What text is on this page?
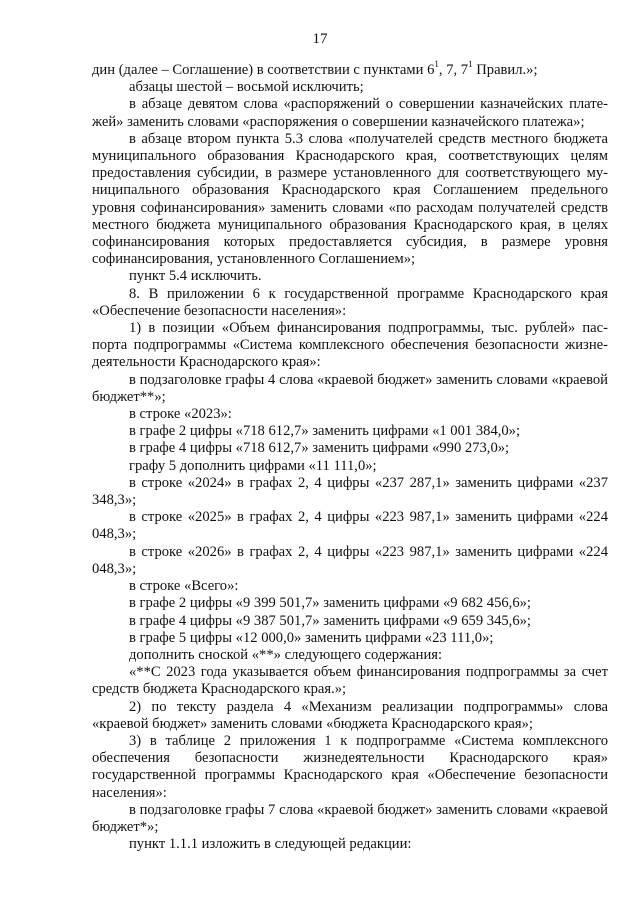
17

дин (далее – Соглашение) в соответствии с пунктами $6^1$, 7, $7^1$ Правил.»;

абзацы шестой – восьмой исключить;

в абзаце девятом слова «распоряжений о совершении казначейских платежей» заменить словами «распоряжения о совершении казначейского платежа»;

в абзаце втором пункта 5.3 слова «получателей средств местного бюджета муниципального образования Краснодарского края, соответствующих целям предоставления субсидии, в размере установленного для соответствующего муниципального образования Краснодарского края Соглашением предельного уровня софинансирования» заменить словами «по расходам получателей средств местного бюджета муниципального образования Краснодарского края, в целях софинансирования которых предоставляется субсидия, в размере уровня софинансирования, установленного Соглашением»;

пункт 5.4 исключить.

8. В приложении 6 к государственной программе Краснодарского края «Обеспечение безопасности населения»:

1) в позиции «Объем финансирования подпрограммы, тыс. рублей» паспорта подпрограммы «Система комплексного обеспечения безопасности жизнедеятельности Краснодарского края»:

в подзаголовке графы 4 слова «краевой бюджет» заменить словами «краевой бюджет**»;

в строке «2023»:

в графе 2 цифры «718 612,7» заменить цифрами «1 001 384,0»;

в графе 4 цифры «718 612,7» заменить цифрами «990 273,0»;

графу 5 дополнить цифрами «11 111,0»;

в строке «2024» в графах 2, 4 цифры «237 287,1» заменить цифрами «237 348,3»;

в строке «2025» в графах 2, 4 цифры «223 987,1» заменить цифрами «224 048,3»;

в строке «2026» в графах 2, 4 цифры «223 987,1» заменить цифрами «224 048,3»;

в строке «Всего»:

в графе 2 цифры «9 399 501,7» заменить цифрами «9 682 456,6»;

в графе 4 цифры «9 387 501,7» заменить цифрами «9 659 345,6»;

в графе 5 цифры «12 000,0» заменить цифрами «23 111,0»;

дополнить сноской «**» следующего содержания:

«**С 2023 года указывается объем финансирования подпрограммы за счет средств бюджета Краснодарского края.»;

2) по тексту раздела 4 «Механизм реализации подпрограммы» слова «краевой бюджет» заменить словами «бюджета Краснодарского края»;

3) в таблице 2 приложения 1 к подпрограмме «Система комплексного обеспечения безопасности жизнедеятельности Краснодарского края» государственной программы Краснодарского края «Обеспечение безопасности населения»:

в подзаголовке графы 7 слова «краевой бюджет» заменить словами «краевой бюджет*»;

пункт 1.1.1 изложить в следующей редакции:
